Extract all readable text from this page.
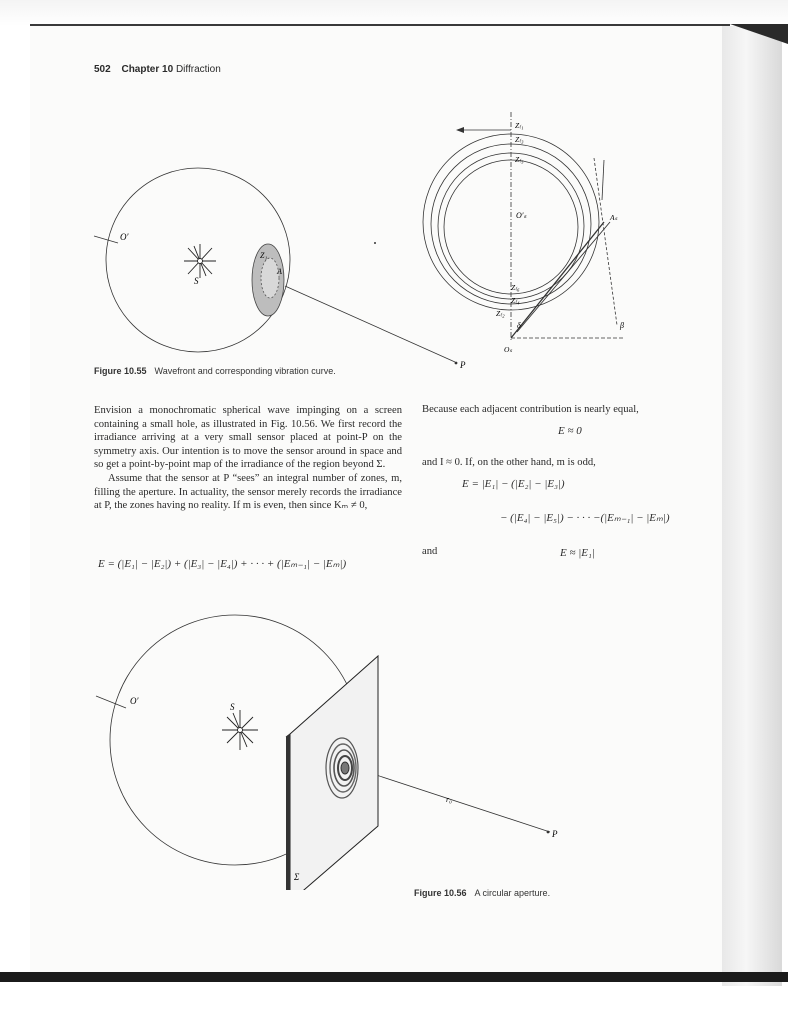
502 Chapter 10 Diffraction
O′
S
Z₁
A
P
Z₍₁
Z₍₃
Z₍₅
O′ₛ	Aₛ
Z₍₆
Z₍₄
Z₍₂
δ	β
Oₛ
Figure 10.55 Wavefront and corresponding vibration curve.

Envision a monochromatic spherical wave impinging on a screen containing a small hole, as illustrated in Fig. 10.56. We first record the irradiance arriving at a very small sensor placed at point-P on the symmetry axis. Our intention is to move the sensor around in space and so get a point-by-point map of the irradiance of the region beyond Σ.

Assume that the sensor at P “sees” an integral number of zones, m, filling the aperture. In actuality, the sensor merely records the irradiance at P, the zones having no reality. If m is even, then since Kₘ ≠ 0,

E = (|E₁| − |E₂|) + (|E₃| − |E₄|) + · · · + (|Eₘ₋₁| − |Eₘ|)
Because each adjacent contribution is nearly equal,
E ≈ 0
and I ≈ 0. If, on the other hand, m is odd,
E = |E₁| − (|E₂| − |E₃|)
− (|E₄| − |E₅|) − · · · −(|Eₘ₋₁| − |Eₘ|)
and	E ≈ |E₁|
O′
S
r₀
P
Σ
Figure 10.56 A circular aperture.
